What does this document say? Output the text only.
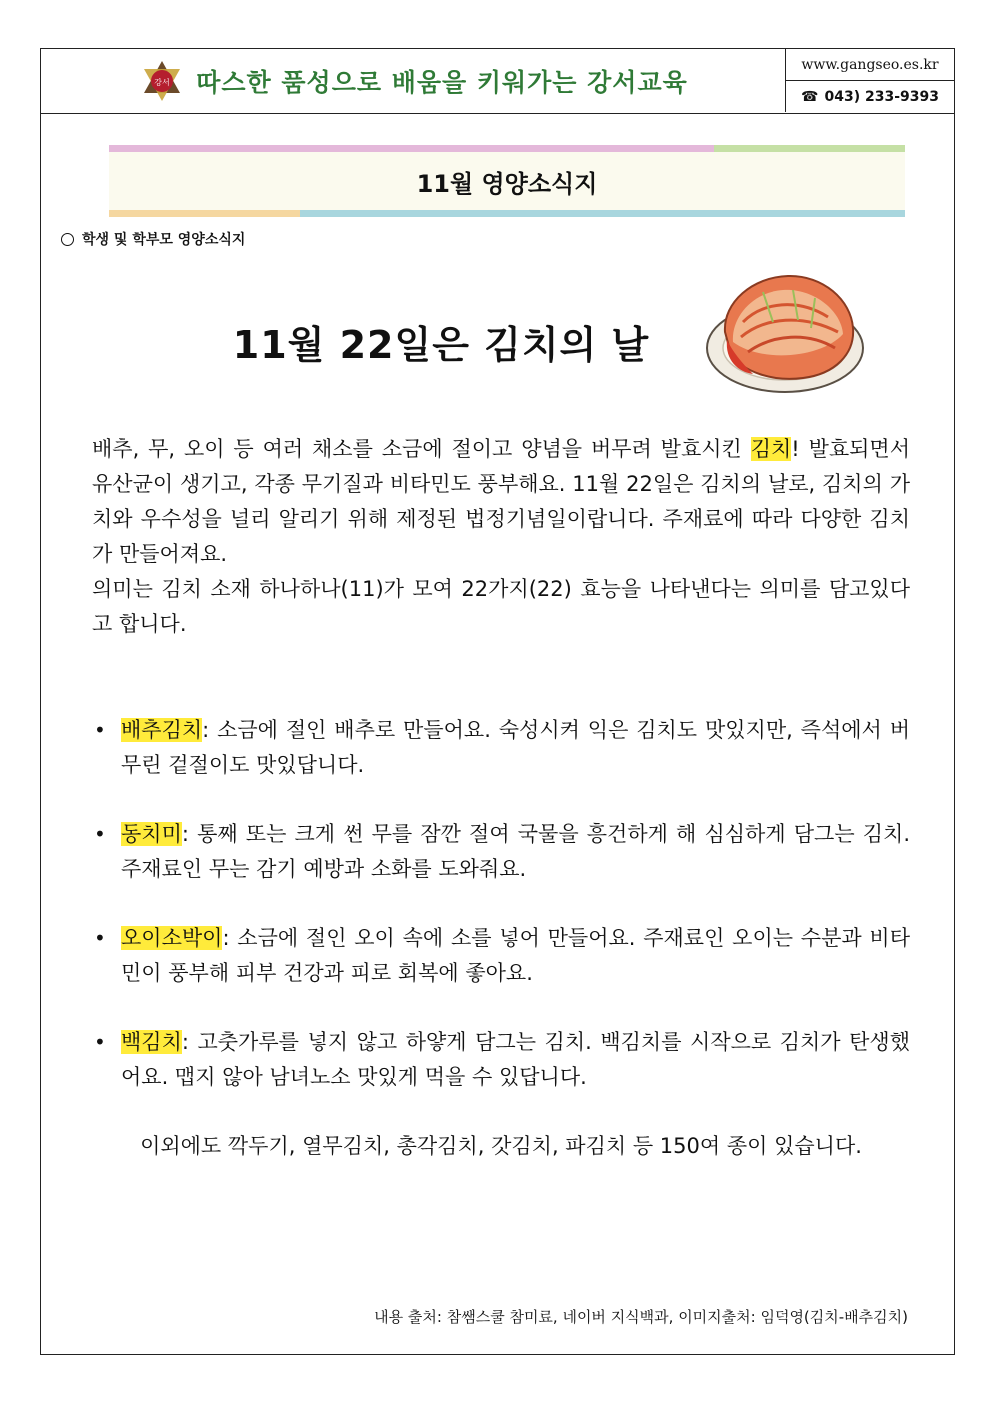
강서 따스한 품성으로 배움을 키워가는 강서교육
www.gangseo.es.kr
☎ 043) 233-9393
11월 영양소식지
학생 및 학부모 영양소식지
11월 22일은 김치의 날

배추, 무, 오이 등 여러 채소를 소금에 절이고 양념을 버무려 발효시킨 김치! 발효되면서 유산균이 생기고, 각종 무기질과 비타민도 풍부해요. 11월 22일은 김치의 날로, 김치의 가치와 우수성을 널리 알리기 위해 제정된 법정기념일이랍니다. 주재료에 따라 다양한 김치가 만들어져요.

의미는 김치 소재 하나하나(11)가 모여 22가지(22) 효능을 나타낸다는 의미를 담고있다고 합니다.

• 배추김치: 소금에 절인 배추로 만들어요. 숙성시켜 익은 김치도 맛있지만, 즉석에서 버무린 겉절이도 맛있답니다.
• 동치미: 통째 또는 크게 썬 무를 잠깐 절여 국물을 흥건하게 해 심심하게 담그는 김치. 주재료인 무는 감기 예방과 소화를 도와줘요.
• 오이소박이: 소금에 절인 오이 속에 소를 넣어 만들어요. 주재료인 오이는 수분과 비타민이 풍부해 피부 건강과 피로 회복에 좋아요.
• 백김치: 고춧가루를 넣지 않고 하얗게 담그는 김치. 백김치를 시작으로 김치가 탄생했어요. 맵지 않아 남녀노소 맛있게 먹을 수 있답니다.
이외에도 깍두기, 열무김치, 총각김치, 갓김치, 파김치 등 150여 종이 있습니다.
내용 출처: 참쌤스쿨 참미료, 네이버 지식백과, 이미지출처: 임덕영(김치-배추김치)
